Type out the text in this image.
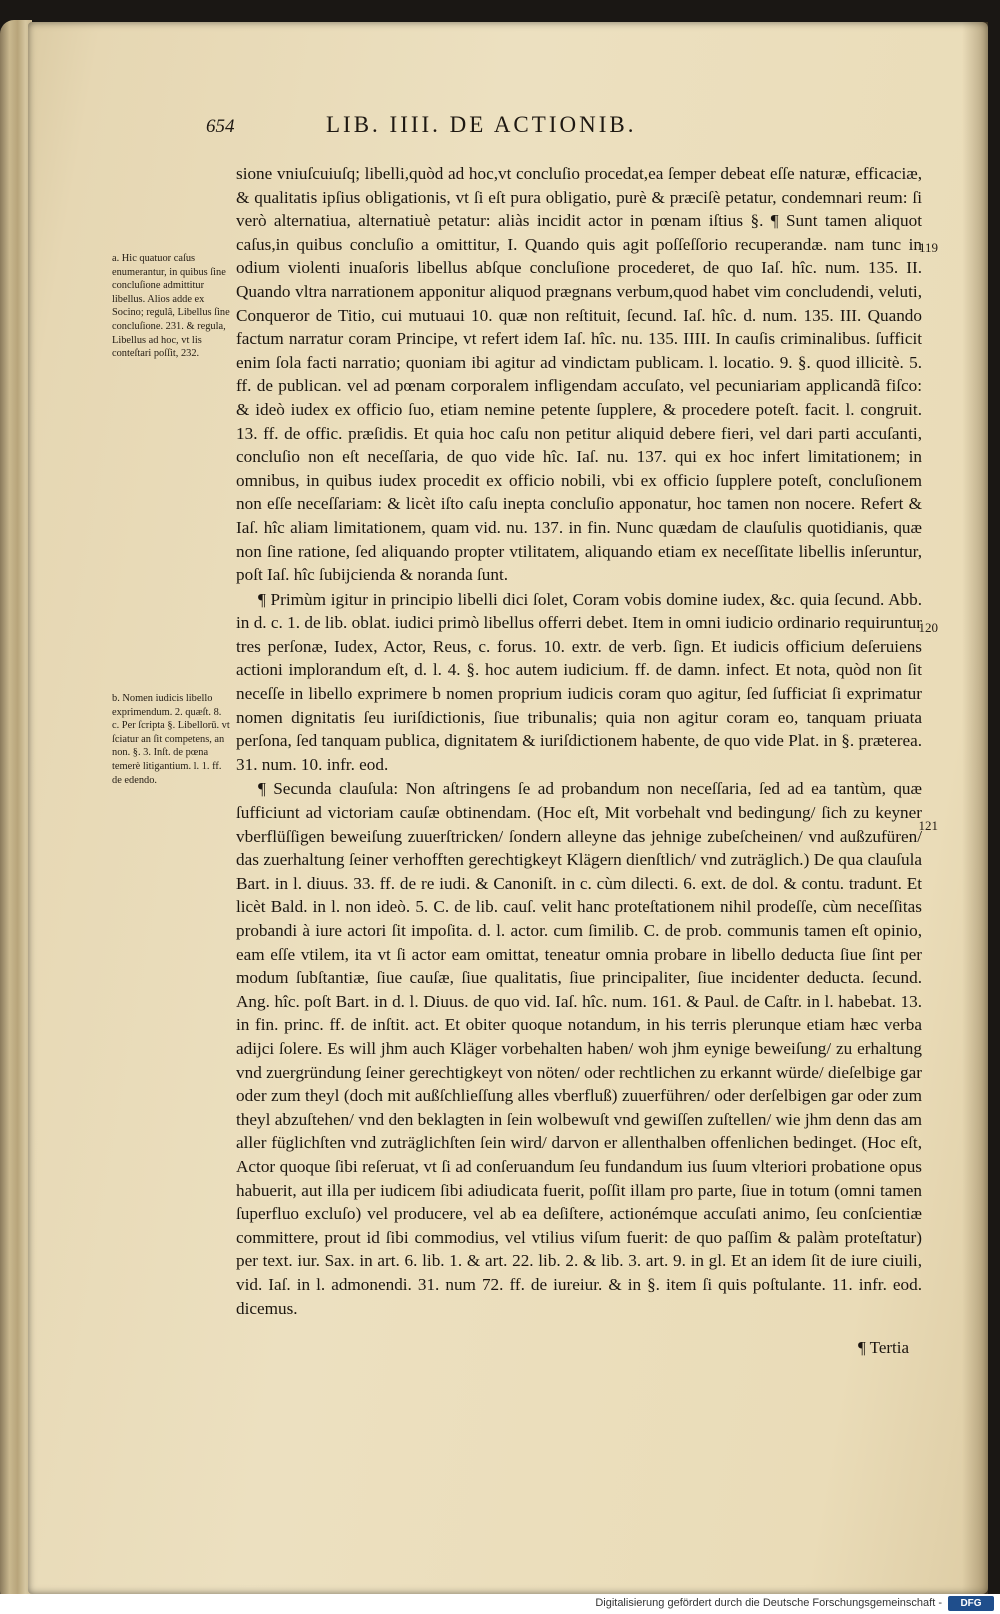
654	LIB. IIII. DE ACTIONIB.
a. Hic quatuor caſus enumerantur, in quibus ſine concluſione admittitur libellus. Alios adde ex Socino; regulâ, Libellus ſine concluſione. 231. & regula, Libellus ad hoc, vt lis conteſtari poſſit, 232.
b. Nomen iudicis libello exprimendum. 2. quæſt. 8. c. Per ſcripta §. Libellorū. vt ſciatur an ſit competens, an non. §. 3. Inſt. de pœna temerè litigantium. l. 1. ff. de edendo.
119
120
121

sione vniuſcuiuſq; libelli,quòd ad hoc,vt concluſio procedat,ea ſemper debeat eſſe naturæ, efficaciæ, & qualitatis ipſius obligationis, vt ſi eſt pura obligatio, purè & præciſè petatur, condemnari reum: ſi verò alternatiua, alternatiuè petatur: aliàs incidit actor in pœnam iſtius §. ¶ Sunt tamen aliquot caſus,in quibus concluſio a omittitur, I. Quando quis agit poſſeſſorio recuperandæ. nam tunc in odium violenti inuaſoris libellus abſque concluſione procederet, de quo Iaſ. hîc. num. 135. II. Quando vltra narrationem apponitur aliquod prægnans verbum,quod habet vim concludendi, veluti, Conqueror de Titio, cui mutuaui 10. quæ non reſtituit, ſecund. Iaſ. hîc. d. num. 135. III. Quando factum narratur coram Principe, vt refert idem Iaſ. hîc. nu. 135. IIII. In cauſis criminalibus. ſufficit enim ſola facti narratio; quoniam ibi agitur ad vindictam publicam. l. locatio. 9. §. quod illicitè. 5. ff. de publican. vel ad pœnam corporalem infligendam accuſato, vel pecuniariam applicandã fiſco: & ideò iudex ex officio ſuo, etiam nemine petente ſupplere, & procedere poteſt. facit. l. congruit. 13. ff. de offic. præſidis. Et quia hoc caſu non petitur aliquid debere fieri, vel dari parti accuſanti, concluſio non eſt neceſſaria, de quo vide hîc. Iaſ. nu. 137. qui ex hoc infert limitationem; in omnibus, in quibus iudex procedit ex officio nobili, vbi ex officio ſupplere poteſt, concluſionem non eſſe neceſſariam: & licèt iſto caſu inepta concluſio apponatur, hoc tamen non nocere. Refert & Iaſ. hîc aliam limitationem, quam vid. nu. 137. in fin. Nunc quædam de clauſulis quotidianis, quæ non ſine ratione, ſed aliquando propter vtilitatem, aliquando etiam ex neceſſitate libellis inſeruntur, poſt Iaſ. hîc ſubijcienda & noranda ſunt.

¶ Primùm igitur in principio libelli dici ſolet, Coram vobis domine iudex, &c. quia ſecund. Abb. in d. c. 1. de lib. oblat. iudici primò libellus offerri debet. Item in omni iudicio ordinario requiruntur tres perſonæ, Iudex, Actor, Reus, c. forus. 10. extr. de verb. ſign. Et iudicis officium deſeruiens actioni implorandum eſt, d. l. 4. §. hoc autem iudicium. ff. de damn. infect. Et nota, quòd non ſit neceſſe in libello exprimere b nomen proprium iudicis coram quo agitur, ſed ſufficiat ſi exprimatur nomen dignitatis ſeu iuriſdictionis, ſiue tribunalis; quia non agitur coram eo, tanquam priuata perſona, ſed tanquam publica, dignitatem & iuriſdictionem habente, de quo vide Plat. in §. præterea. 31. num. 10. infr. eod.

¶ Secunda clauſula: Non aſtringens ſe ad probandum non neceſſaria, ſed ad ea tantùm, quæ ſufficiunt ad victoriam cauſæ obtinendam. (Hoc eſt, Mit vorbehalt vnd bedingung/ ſich zu keyner vberflüſſigen beweiſung zuuerſtricken/ ſondern alleyne das jehnige zubeſcheinen/ vnd außzufüren/ das zuerhaltung ſeiner verhofften gerechtigkeyt Klägern dienſtlich/ vnd zuträglich.) De qua clauſula Bart. in l. diuus. 33. ff. de re iudi. & Canoniſt. in c. cùm dilecti. 6. ext. de dol. & contu. tradunt. Et licèt Bald. in l. non ideò. 5. C. de lib. cauſ. velit hanc proteſtationem nihil prodeſſe, cùm neceſſitas probandi à iure actori ſit impoſita. d. l. actor. cum ſimilib. C. de prob. communis tamen eſt opinio, eam eſſe vtilem, ita vt ſi actor eam omittat, teneatur omnia probare in libello deducta ſiue ſint per modum ſubſtantiæ, ſiue cauſæ, ſiue qualitatis, ſiue principaliter, ſiue incidenter deducta. ſecund. Ang. hîc. poſt Bart. in d. l. Diuus. de quo vid. Iaſ. hîc. num. 161. & Paul. de Caſtr. in l. habebat. 13. in fin. princ. ff. de inſtit. act. Et obiter quoque notandum, in his terris plerunque etiam hæc verba adijci ſolere. Es will jhm auch Kläger vorbehalten haben/ woh jhm eynige beweiſung/ zu erhaltung vnd zuergründung ſeiner gerechtigkeyt von nöten/ oder rechtlichen zu erkannt würde/ dieſelbige gar oder zum theyl (doch mit außſchlieſſung alles vberfluß) zuuerführen/ oder derſelbigen gar oder zum theyl abzuſtehen/ vnd den beklagten in ſein wolbewuſt vnd gewiſſen zuſtellen/ wie jhm denn das am aller füglichſten vnd zuträglichſten ſein wird/ darvon er allenthalben offenlichen bedinget. (Hoc eſt, Actor quoque ſibi reſeruat, vt ſi ad conſeruandum ſeu fundandum ius ſuum vlteriori probatione opus habuerit, aut illa per iudicem ſibi adiudicata fuerit, poſſit illam pro parte, ſiue in totum (omni tamen ſuperfluo excluſo) vel producere, vel ab ea deſiſtere, actionémque accuſati animo, ſeu conſcientiæ committere, prout id ſibi commodius, vel vtilius viſum fuerit: de quo paſſim & palàm proteſtatur) per text. iur. Sax. in art. 6. lib. 1. & art. 22. lib. 2. & lib. 3. art. 9. in gl. Et an idem ſit de iure ciuili, vid. Iaſ. in l. admonendi. 31. num 72. ff. de iureiur. & in §. item ſi quis poſtulante. 11. infr. eod. dicemus.

¶ Tertia
Digitalisierung gefördert durch die Deutsche Forschungsgemeinschaft -	DFG
